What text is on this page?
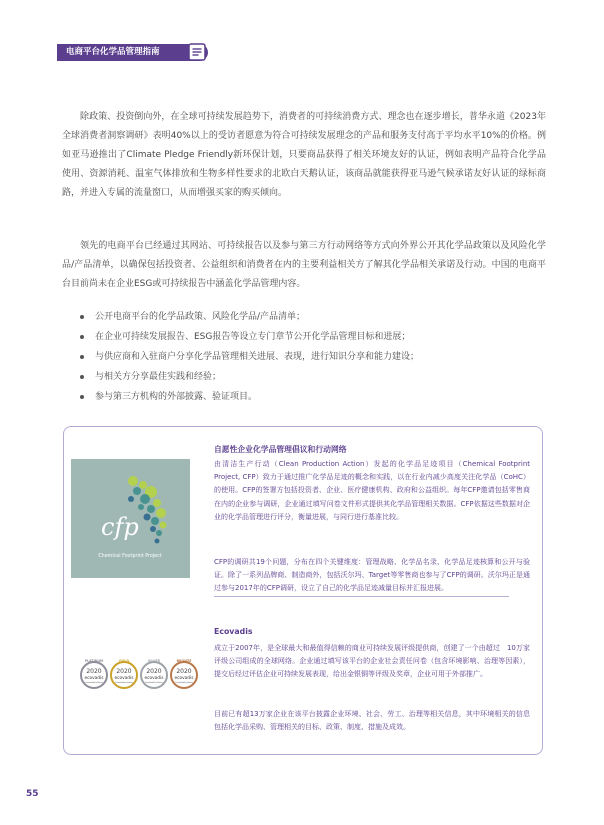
电商平台化学品管理指南

除政策、投资倒向外，在全球可持续发展趋势下，消费者的可持续消费方式、理念也在逐步增长，普华永道《2023年全球消费者洞察调研》表明40%以上的受访者愿意为符合可持续发展理念的产品和服务支付高于平均水平10%的价格。例如亚马逊推出了Climate Pledge Friendly新环保计划，只要商品获得了相关环境友好的认证，例如表明产品符合化学品使用、资源消耗、温室气体排放和生物多样性要求的北欧白天鹅认证，该商品就能获得亚马逊气候承诺友好认证的绿标商路，并进入专属的流量窗口，从而增强买家的购买倾向。

领先的电商平台已经通过其网站、可持续报告以及参与第三方行动网络等方式向外界公开其化学品政策以及风险化学品/产品清单，以确保包括投资者、公益组织和消费者在内的主要利益相关方了解其化学品相关承诺及行动。中国的电商平台目前尚未在企业ESG或可持续报告中涵盖化学品管理内容。

公开电商平台的化学品政策、风险化学品/产品清单；
在企业可持续发展报告、ESG报告等设立专门章节公开化学品管理目标和进展；
与供应商和入驻商户分享化学品管理相关进展、表现，进行知识分享和能力建设；
与相关方分享最佳实践和经验；
参与第三方机构的外部披露、验证项目。
cfp
Chemical Footprint Project
自愿性企业化学品管理倡议和行动网络

由清洁生产行动（Clean Production Action）发起的化学品足迹项目（Chemical Footprint Project, CFP）致力于通过推广化学品足迹的概念和实践，以在行业内减少高度关注化学品（CoHC）的使用。CFP的签署方包括投资者、企业、医疗健康机构、政府和公益组织。每年CFP邀请包括零售商在内的企业参与调研，企业通过填写问卷文件形式提供其化学品管理相关数据。CFP依据这些数据对企业的化学品管理进行评分，衡量进展，与同行进行基准比较。

CFP的调研共19个问题，分布在四个关键维度：管理战略、化学品名录、化学品足迹核算和公开与验证。除了一系列品牌商、制造商外，包括沃尔玛、Target等零售商也参与了CFP的调研。沃尔玛正是通过参与2017年的CFP调研，设立了自己的化学品足迹减量目标并汇报进展。

Ecovadis

成立于2007年，是全球最大和最值得信赖的商业可持续发展评级提供商，创建了一个由超过　10万家评级公司组成的全球网络。企业通过填写该平台的企业社会责任问卷（包含环境影响、治理等因素），提交后经过评估企业可持续发展表现，给出金银铜等评级及奖章，企业可用于外部推广。

目前已有超13万家企业在该平台披露企业环境、社会、劳工、治理等相关信息，其中环境相关的信息包括化学品采购、管理相关的目标、政策、制度、措施及成效。

PLATINUM
2020
ecovadis
Sustainability Rating
GOLD
2020
ecovadis
Sustainability Rating
SILVER
2020
ecovadis
Sustainability Rating
BRONZE
2020
ecovadis
Sustainability Rating
55
